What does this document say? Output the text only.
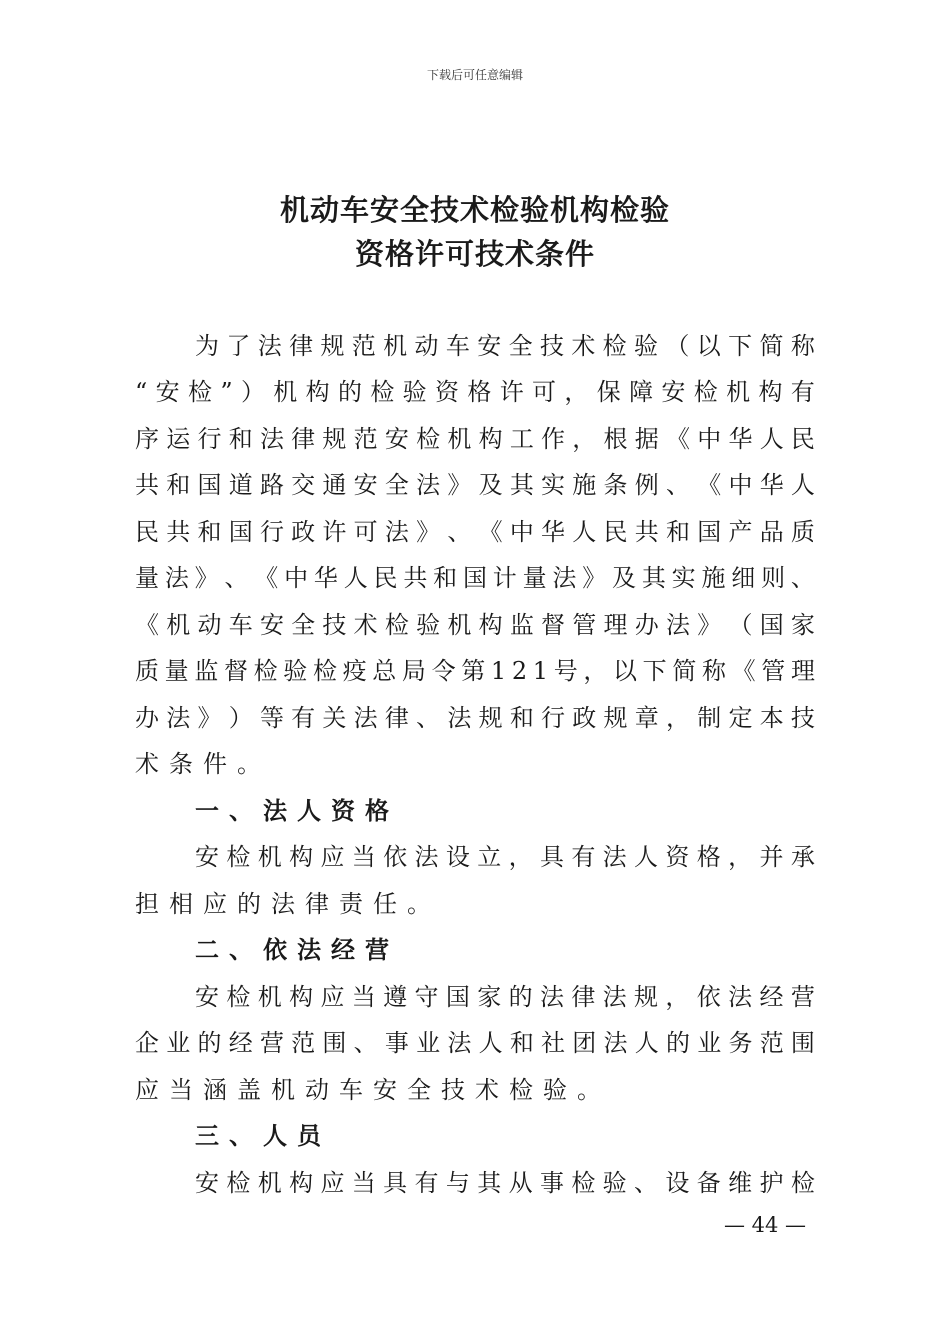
下载后可任意编辑
机动车安全技术检验机构检验
资格许可技术条件
为 了 法 律 规 范 机 动 车 安 全 技 术 检 验 （ 以 下 简 称
“ 安 检 ” ） 机 构 的 检 验 资 格 许 可 ， 保 障 安 检 机 构 有
序 运 行 和 法 律 规 范 安 检 机 构 工 作 ， 根 据 《 中 华 人 民
共 和 国 道 路 交 通 安 全 法 》 及 其 实 施 条 例 、 《 中 华 人
民 共 和 国 行 政 许 可 法 》 、 《 中 华 人 民 共 和 国 产 品 质
量 法 》 、 《 中 华 人 民 共 和 国 计 量 法 》 及 其 实 施 细 则 、
《 机 动 车 安 全 技 术 检 验 机 构 监 督 管 理 办 法 》 （ 国 家
质 量 监 督 检 验 检 疫 总 局 令 第 1 2 1 号 ， 以 下 简 称 《 管 理
办 法 》 ） 等 有 关 法 律 、 法 规 和 行 政 规 章 ， 制 定 本 技
术条件。
一、法人资格
安 检 机 构 应 当 依 法 设 立 ， 具 有 法 人 资 格 ， 并 承
担相应的法律责任。
二、依法经营
安 检 机 构 应 当 遵 守 国 家 的 法 律 法 规 ， 依 法 经 营
企 业 的 经 营 范 围 、 事 业 法 人 和 社 团 法 人 的 业 务 范 围
应当涵盖机动车安全技术检验。
三、人员
安 检 机 构 应 当 具 有 与 其 从 事 检 验 、 设 备 维 护 检
— 44 —
